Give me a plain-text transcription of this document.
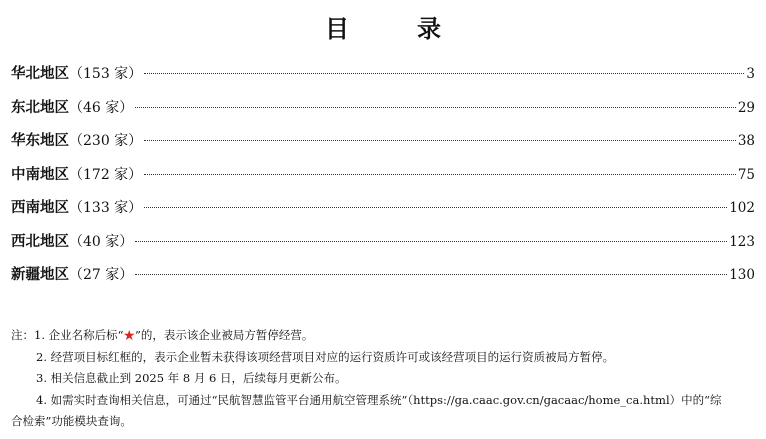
目　录
华北地区（153 家）	3
东北地区（46 家）	29
华东地区（230 家）	38
中南地区（172 家）	75
西南地区（133 家）	102
西北地区（40 家）	123
新疆地区（27 家）	130
注：1. 企业名称后标“★”的，表示该企业被局方暂停经营。
2. 经营项目标红框的，表示企业暂未获得该项经营项目对应的运行资质许可或该经营项目的运行资质被局方暂停。
3. 相关信息截止到 2025 年 8 月 6 日，后续每月更新公布。
4. 如需实时查询相关信息，可通过“民航智慧监管平台通用航空管理系统”（https://ga.caac.gov.cn/gacaac/home_ca.html）中的“综
合检索”功能模块查询。
